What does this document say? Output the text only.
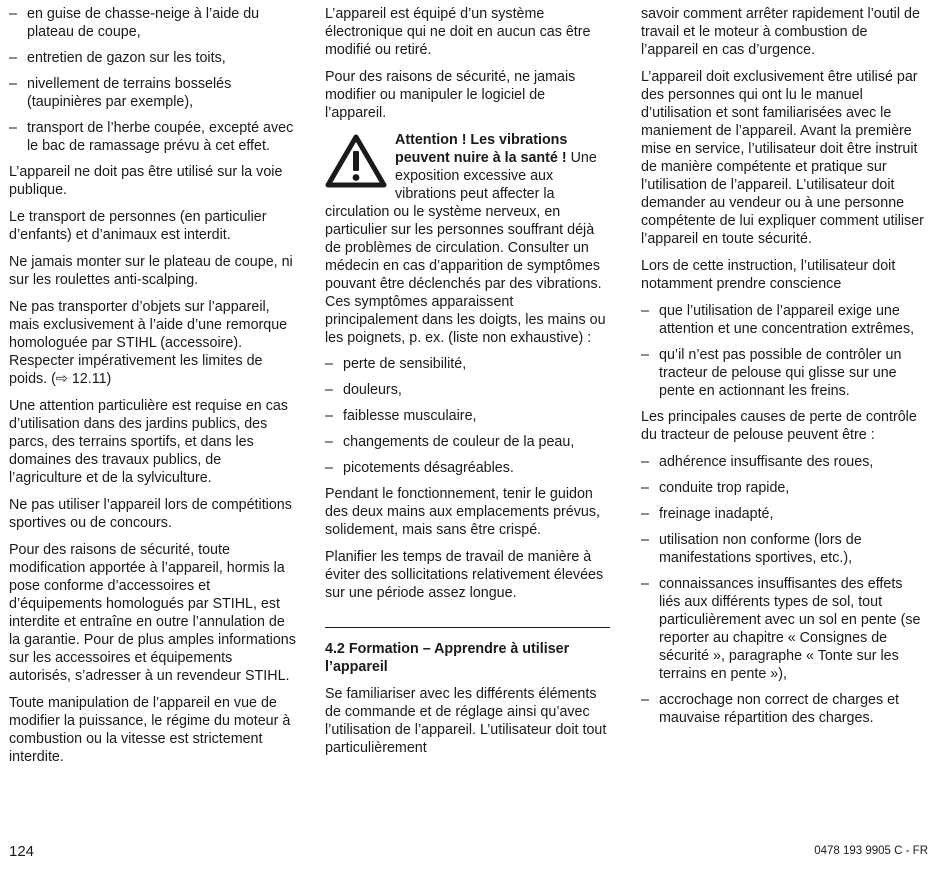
– en guise de chasse-neige à l’aide du plateau de coupe,
– entretien de gazon sur les toits,
– nivellement de terrains bosselés (taupinières par exemple),
– transport de l’herbe coupée, excepté avec le bac de ramassage prévu à cet effet.

L’appareil ne doit pas être utilisé sur la voie publique.

Le transport de personnes (en particulier d’enfants) et d’animaux est interdit.

Ne jamais monter sur le plateau de coupe, ni sur les roulettes anti-scalping.

Ne pas transporter d’objets sur l’appareil, mais exclusivement à l’aide d’une remorque homologuée par STIHL (accessoire). Respecter impérativement les limites de poids. (⇨ 12.11)

Une attention particulière est requise en cas d’utilisation dans des jardins publics, des parcs, des terrains sportifs, et dans les domaines des travaux publics, de l’agriculture et de la sylviculture.

Ne pas utiliser l’appareil lors de compétitions sportives ou de concours.

Pour des raisons de sécurité, toute modification apportée à l’appareil, hormis la pose conforme d’accessoires et d’équipements homologués par STIHL, est interdite et entraîne en outre l’annulation de la garantie. Pour de plus amples informations sur les accessoires et équipements autorisés, s’adresser à un revendeur STIHL.

Toute manipulation de l’appareil en vue de modifier la puissance, le régime du moteur à combustion ou la vitesse est strictement interdite.

L’appareil est équipé d’un système électronique qui ne doit en aucun cas être modifié ou retiré.

Pour des raisons de sécurité, ne jamais modifier ou manipuler le logiciel de l’appareil.

Attention ! Les vibrations peuvent nuire à la santé ! Une exposition excessive aux vibrations peut affecter la circulation ou le système nerveux, en particulier sur les personnes souffrant déjà de problèmes de circulation. Consulter un médecin en cas d’apparition de symptômes pouvant être déclenchés par des vibrations.
Ces symptômes apparaissent principalement dans les doigts, les mains ou les poignets, p. ex. (liste non exhaustive) :
– perte de sensibilité,
– douleurs,
– faiblesse musculaire,
– changements de couleur de la peau,
– picotements désagréables.

Pendant le fonctionnement, tenir le guidon des deux mains aux emplacements prévus, solidement, mais sans être crispé.

Planifier les temps de travail de manière à éviter des sollicitations relativement élevées sur une période assez longue.

4.2 Formation – Apprendre à utiliser l’appareil

Se familiariser avec les différents éléments de commande et de réglage ainsi qu’avec l’utilisation de l’appareil. L’utilisateur doit tout particulièrement

savoir comment arrêter rapidement l’outil de travail et le moteur à combustion de l’appareil en cas d’urgence.

L’appareil doit exclusivement être utilisé par des personnes qui ont lu le manuel d’utilisation et sont familiarisées avec le maniement de l’appareil. Avant la première mise en service, l’utilisateur doit être instruit de manière compétente et pratique sur l’utilisation de l’appareil. L’utilisateur doit demander au vendeur ou à une personne compétente de lui expliquer comment utiliser l’appareil en toute sécurité.

Lors de cette instruction, l’utilisateur doit notamment prendre conscience

– que l’utilisation de l’appareil exige une attention et une concentration extrêmes,
– qu’il n’est pas possible de contrôler un tracteur de pelouse qui glisse sur une pente en actionnant les freins.

Les principales causes de perte de contrôle du tracteur de pelouse peuvent être :

– adhérence insuffisante des roues,
– conduite trop rapide,
– freinage inadapté,
– utilisation non conforme (lors de manifestations sportives, etc.),
– connaissances insuffisantes des effets liés aux différents types de sol, tout particulièrement avec un sol en pente (se reporter au chapitre « Consignes de sécurité », paragraphe « Tonte sur les terrains en pente »),
– accrochage non correct de charges et mauvaise répartition des charges.
124	0478 193 9905 C - FR
